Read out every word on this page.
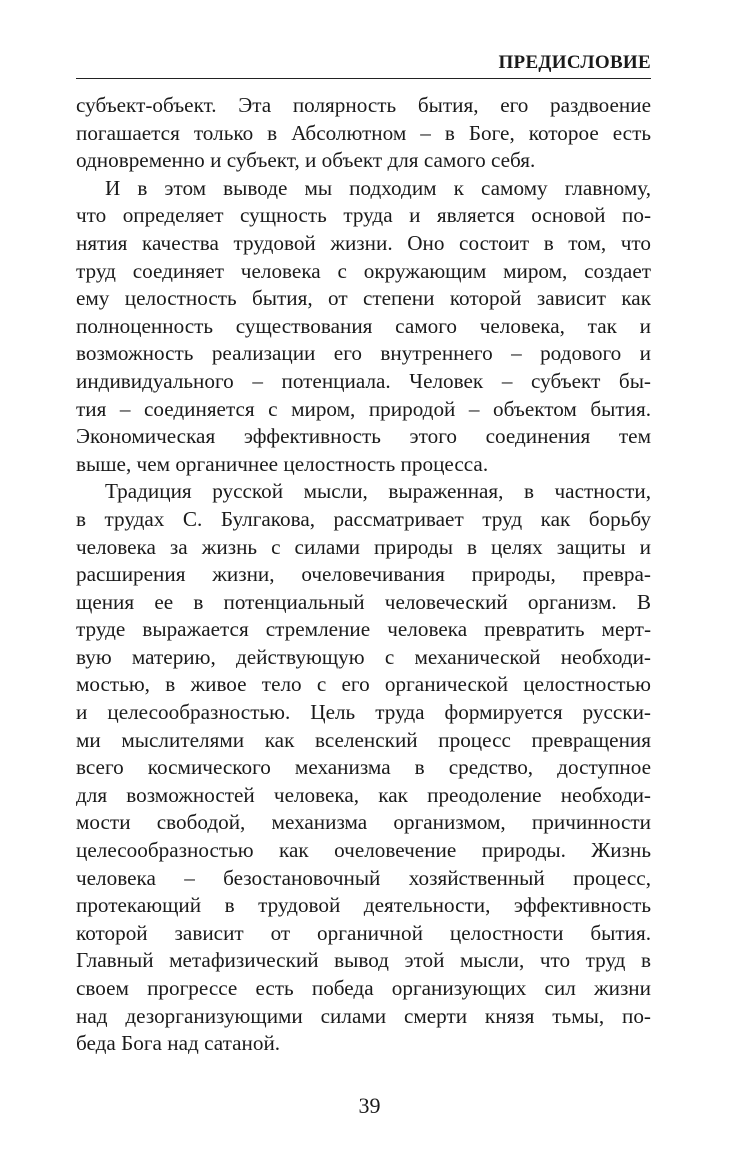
ПРЕДИСЛОВИЕ
субъект-объект. Эта полярность бытия, его раздвоение
погашается только в Абсолютном – в Боге, которое есть
одновременно и субъект, и объект для самого себя.
И в этом выводе мы подходим к самому главному,
что определяет сущность труда и является основой по-
нятия качества трудовой жизни. Оно состоит в том, что
труд соединяет человека с окружающим миром, создает
ему целостность бытия, от степени которой зависит как
полноценность существования самого человека, так и
возможность реализации его внутреннего – родового и
индивидуального – потенциала. Человек – субъект бы-
тия – соединяется с миром, природой – объектом бытия.
Экономическая эффективность этого соединения тем
выше, чем органичнее целостность процесса.
Традиция русской мысли, выраженная, в частности,
в трудах С. Булгакова, рассматривает труд как борьбу
человека за жизнь с силами природы в целях защиты и
расширения жизни, очеловечивания природы, превра-
щения ее в потенциальный человеческий организм. В
труде выражается стремление человека превратить мерт-
вую материю, действующую с механической необходи-
мостью, в живое тело с его органической целостностью
и целесообразностью. Цель труда формируется русски-
ми мыслителями как вселенский процесс превращения
всего космического механизма в средство, доступное
для возможностей человека, как преодоление необходи-
мости свободой, механизма организмом, причинности
целесообразностью как очеловечение природы. Жизнь
человека – безостановочный хозяйственный процесс,
протекающий в трудовой деятельности, эффективность
которой зависит от органичной целостности бытия.
Главный метафизический вывод этой мысли, что труд в
своем прогрессе есть победа организующих сил жизни
над дезорганизующими силами смерти князя тьмы, по-
беда Бога над сатаной.
39
